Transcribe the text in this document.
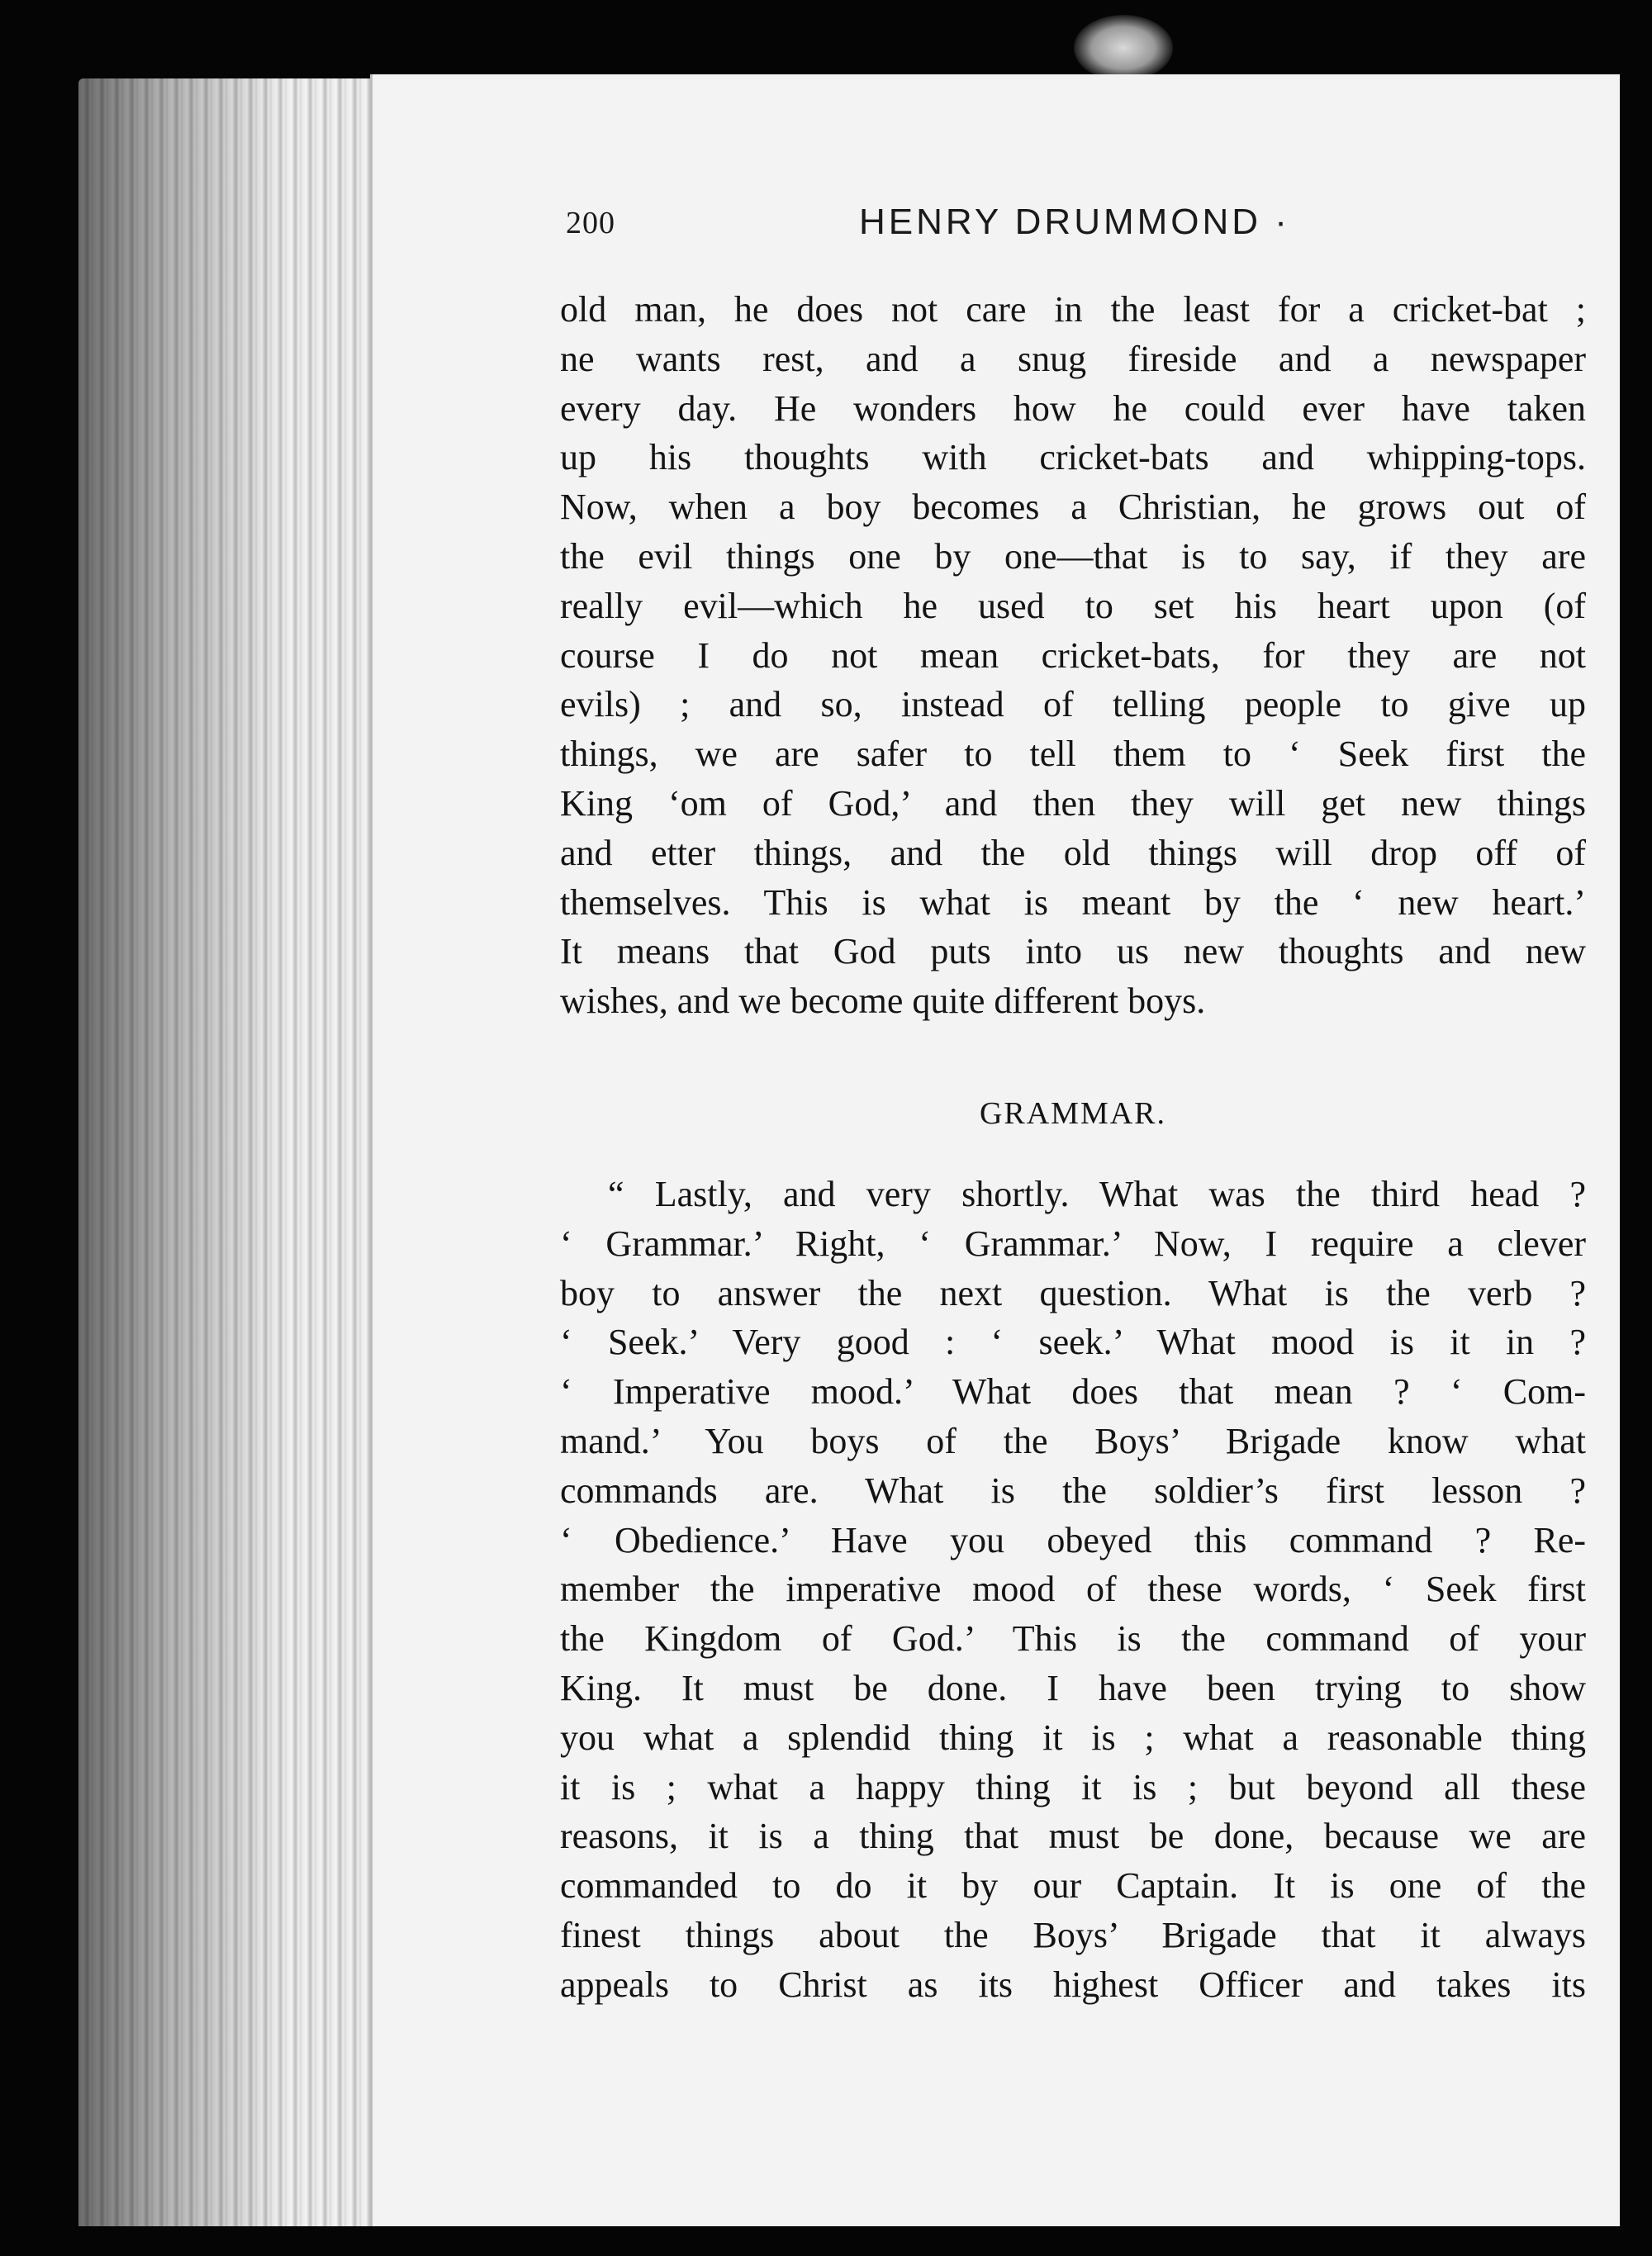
200	HENRY DRUMMOND ·
old man, he does not care in the least for a cricket-bat ;
ne wants rest, and a snug fireside and a newspaper
every day. He wonders how he could ever have taken
up his thoughts with cricket-bats and whipping-tops.
Now, when a boy becomes a Christian, he grows out of
the evil things one by one—that is to say, if they are
really evil—which he used to set his heart upon (of
course I do not mean cricket-bats, for they are not
evils) ; and so, instead of telling people to give up
things, we are safer to tell them to ‘ Seek first the
King ‘om of God,’ and then they will get new things
and etter things, and the old things will drop off of
themselves. This is what is meant by the ‘ new heart.’
It means that God puts into us new thoughts and new
wishes, and we become quite different boys.
GRAMMAR.
“ Lastly, and very shortly. What was the third head ?
‘ Grammar.’ Right, ‘ Grammar.’ Now, I require a clever
boy to answer the next question. What is the verb ?
‘ Seek.’ Very good : ‘ seek.’ What mood is it in ?
‘ Imperative mood.’ What does that mean ? ‘ Com-
mand.’ You boys of the Boys’ Brigade know what
commands are. What is the soldier’s first lesson ?
‘ Obedience.’ Have you obeyed this command ? Re-
member the imperative mood of these words, ‘ Seek first
the Kingdom of God.’ This is the command of your
King. It must be done. I have been trying to show
you what a splendid thing it is ; what a reasonable thing
it is ; what a happy thing it is ; but beyond all these
reasons, it is a thing that must be done, because we are
commanded to do it by our Captain. It is one of the
finest things about the Boys’ Brigade that it always
appeals to Christ as its highest Officer and takes its
